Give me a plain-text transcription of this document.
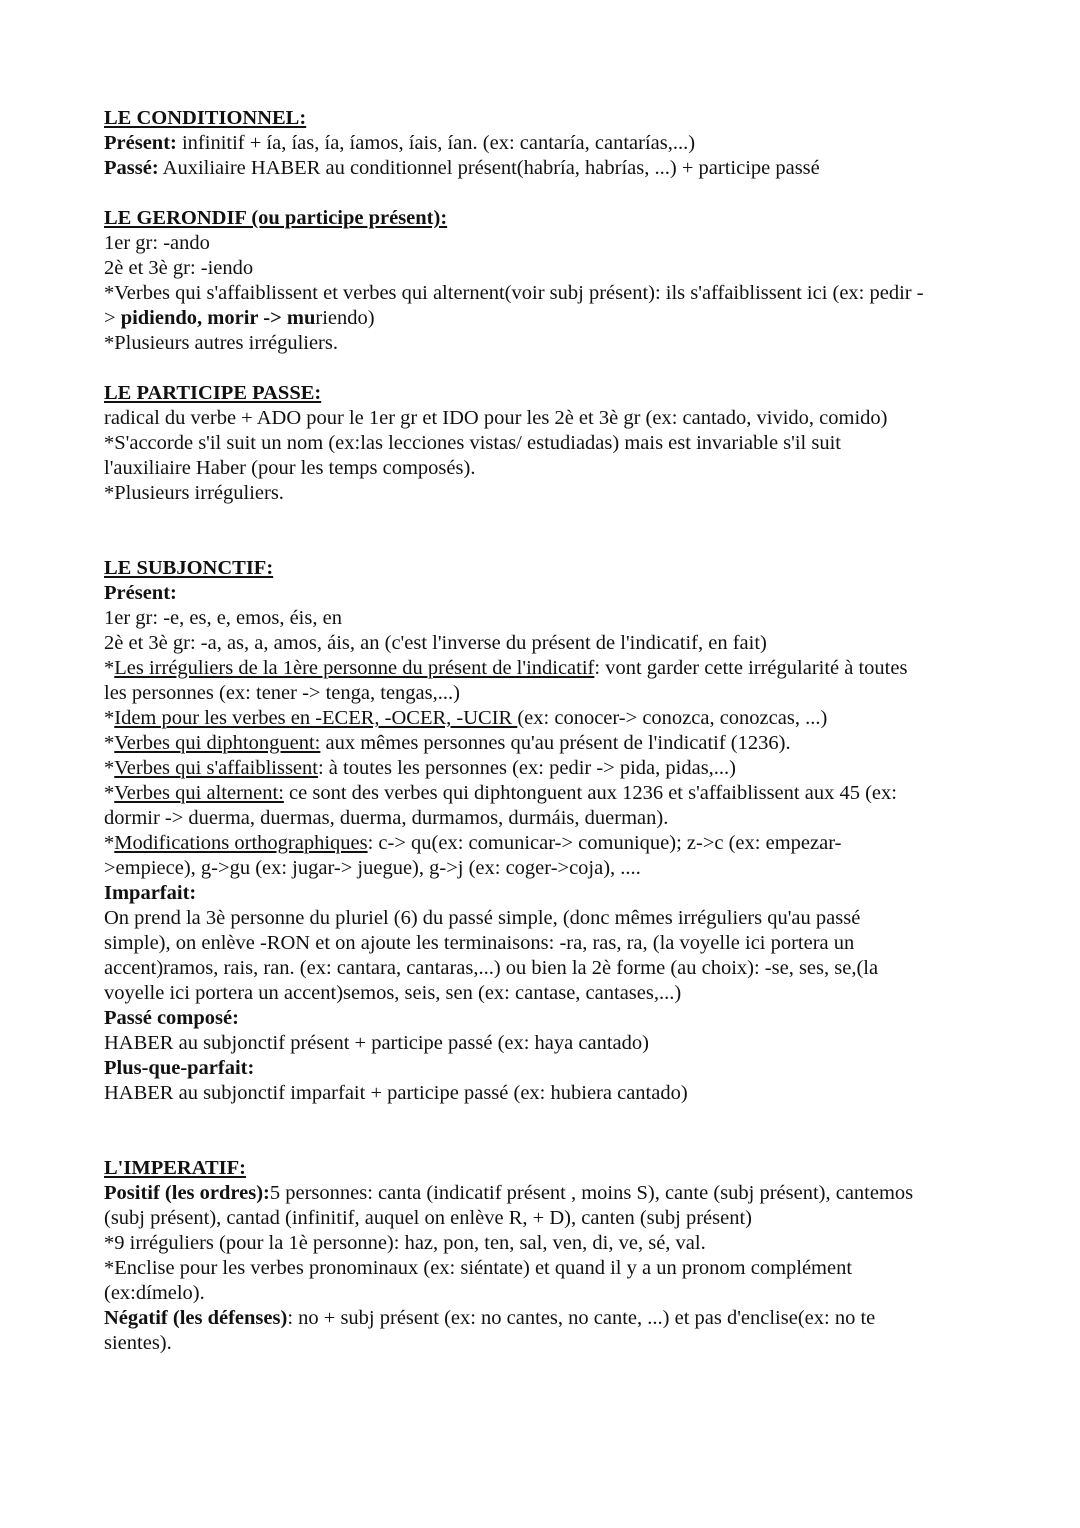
LE CONDITIONNEL:

Présent: infinitif + ía, ías, ía, íamos, íais, ían. (ex: cantaría, cantarías,...)

Passé: Auxiliaire HABER au conditionnel présent(habría, habrías, ...) + participe passé

LE GERONDIF (ou participe présent):

1er gr: -ando

2è et 3è gr: -iendo

*Verbes qui s'affaiblissent et verbes qui alternent(voir subj présent): ils s'affaiblissent ici (ex: pedir -

> pidiendo, morir -> muriendo)

*Plusieurs autres irréguliers.

LE PARTICIPE PASSE:

radical du verbe + ADO pour le 1er gr et IDO pour les 2è et 3è gr (ex: cantado, vivido, comido)

*S'accorde s'il suit un nom (ex:las lecciones vistas/ estudiadas) mais est invariable s'il suit

l'auxiliaire Haber (pour les temps composés).

*Plusieurs irréguliers.

LE SUBJONCTIF:

Présent:

1er gr: -e, es, e, emos, éis, en

2è et 3è gr: -a, as, a, amos, áis, an (c'est l'inverse du présent de l'indicatif, en fait)

*Les irréguliers de la 1ère personne du présent de l'indicatif: vont garder cette irrégularité à toutes

les personnes (ex: tener -> tenga, tengas,...)

*Idem pour les verbes en -ECER, -OCER, -UCIR (ex: conocer-> conozca, conozcas, ...)

*Verbes qui diphtonguent: aux mêmes personnes qu'au présent de l'indicatif (1236).

*Verbes qui s'affaiblissent: à toutes les personnes (ex: pedir -> pida, pidas,...)

*Verbes qui alternent: ce sont des verbes qui diphtonguent aux 1236 et s'affaiblissent aux 45 (ex:

dormir -> duerma, duermas, duerma, durmamos, durmáis, duerman).

*Modifications orthographiques: c-> qu(ex: comunicar-> comunique); z->c (ex: empezar-

>empiece), g->gu (ex: jugar-> juegue), g->j (ex: coger->coja), ....

Imparfait:

On prend la 3è personne du pluriel (6) du passé simple, (donc mêmes irréguliers qu'au passé

simple), on enlève -RON et on ajoute les terminaisons: -ra, ras, ra, (la voyelle ici portera un

accent)ramos, rais, ran. (ex: cantara, cantaras,...) ou bien la 2è forme (au choix): -se, ses, se,(la

voyelle ici portera un accent)semos, seis, sen (ex: cantase, cantases,...)

Passé composé:

HABER au subjonctif présent + participe passé (ex: haya cantado)

Plus-que-parfait:

HABER au subjonctif imparfait + participe passé (ex: hubiera cantado)

L'IMPERATIF:

Positif (les ordres):5 personnes: canta (indicatif présent , moins S), cante (subj présent), cantemos

(subj présent), cantad (infinitif, auquel on enlève R, + D), canten (subj présent)

*9 irréguliers (pour la 1è personne): haz, pon, ten, sal, ven, di, ve, sé, val.

*Enclise pour les verbes pronominaux (ex: siéntate) et quand il y a un pronom complément

(ex:dímelo).

Négatif (les défenses): no + subj présent (ex: no cantes, no cante, ...) et pas d'enclise(ex: no te

sientes).
